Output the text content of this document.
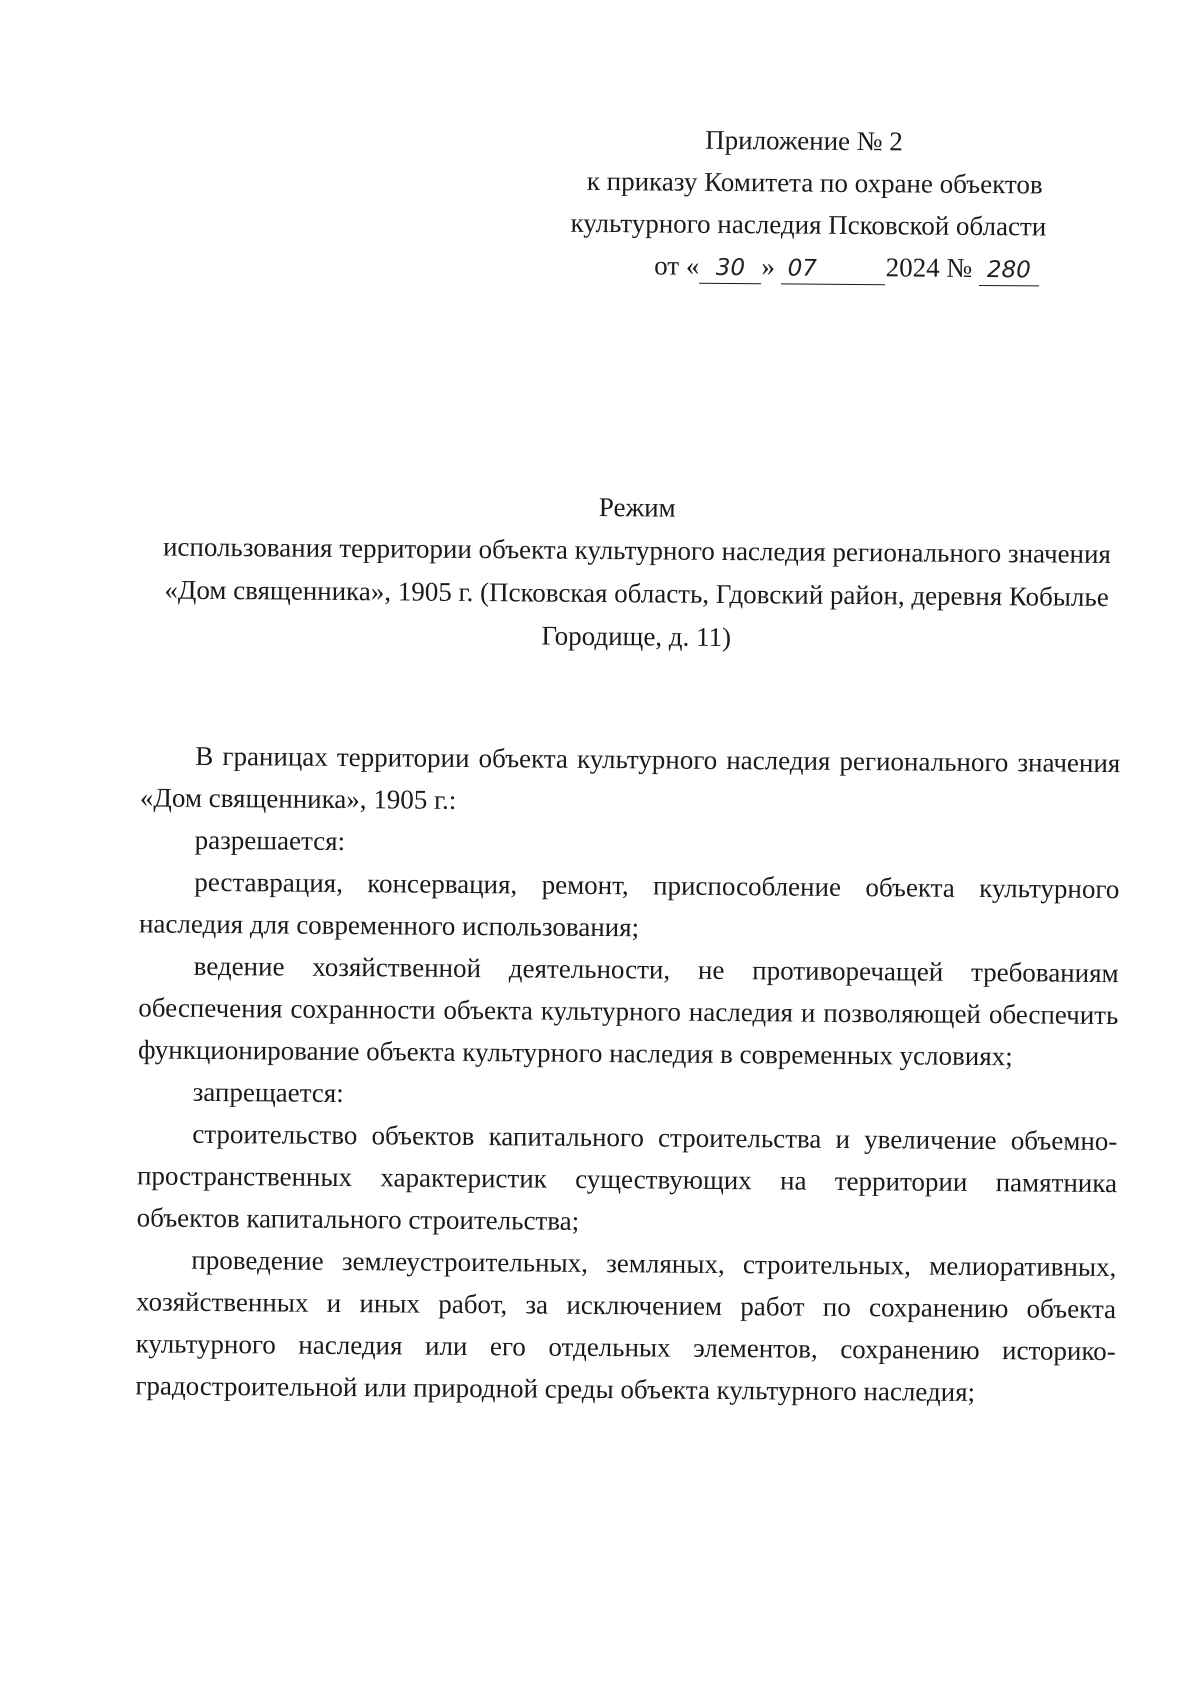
Приложение № 2
к приказу Комитета по охране объектов
культурного наследия Псковской области
от « 30 » 07	2024 № 280
Режим
использования территории объекта культурного наследия регионального значения «Дом священника», 1905 г. (Псковская область, Гдовский район, деревня Кобылье Городище, д. 11)

В границах территории объекта культурного наследия регионального значения «Дом священника», 1905 г.:

разрешается:

реставрация, консервация, ремонт, приспособление объекта культурного наследия для современного использования;

ведение хозяйственной деятельности, не противоречащей требованиям обеспечения сохранности объекта культурного наследия и позволяющей обеспечить функционирование объекта культурного наследия в современных условиях;

запрещается:

строительство объектов капитального строительства и увеличение объемно-пространственных характеристик существующих на территории памятника объектов капитального строительства;

проведение землеустроительных, земляных, строительных, мелиоративных, хозяйственных и иных работ, за исключением работ по сохранению объекта культурного наследия или его отдельных элементов, сохранению историко-градостроительной или природной среды объекта культурного наследия;
